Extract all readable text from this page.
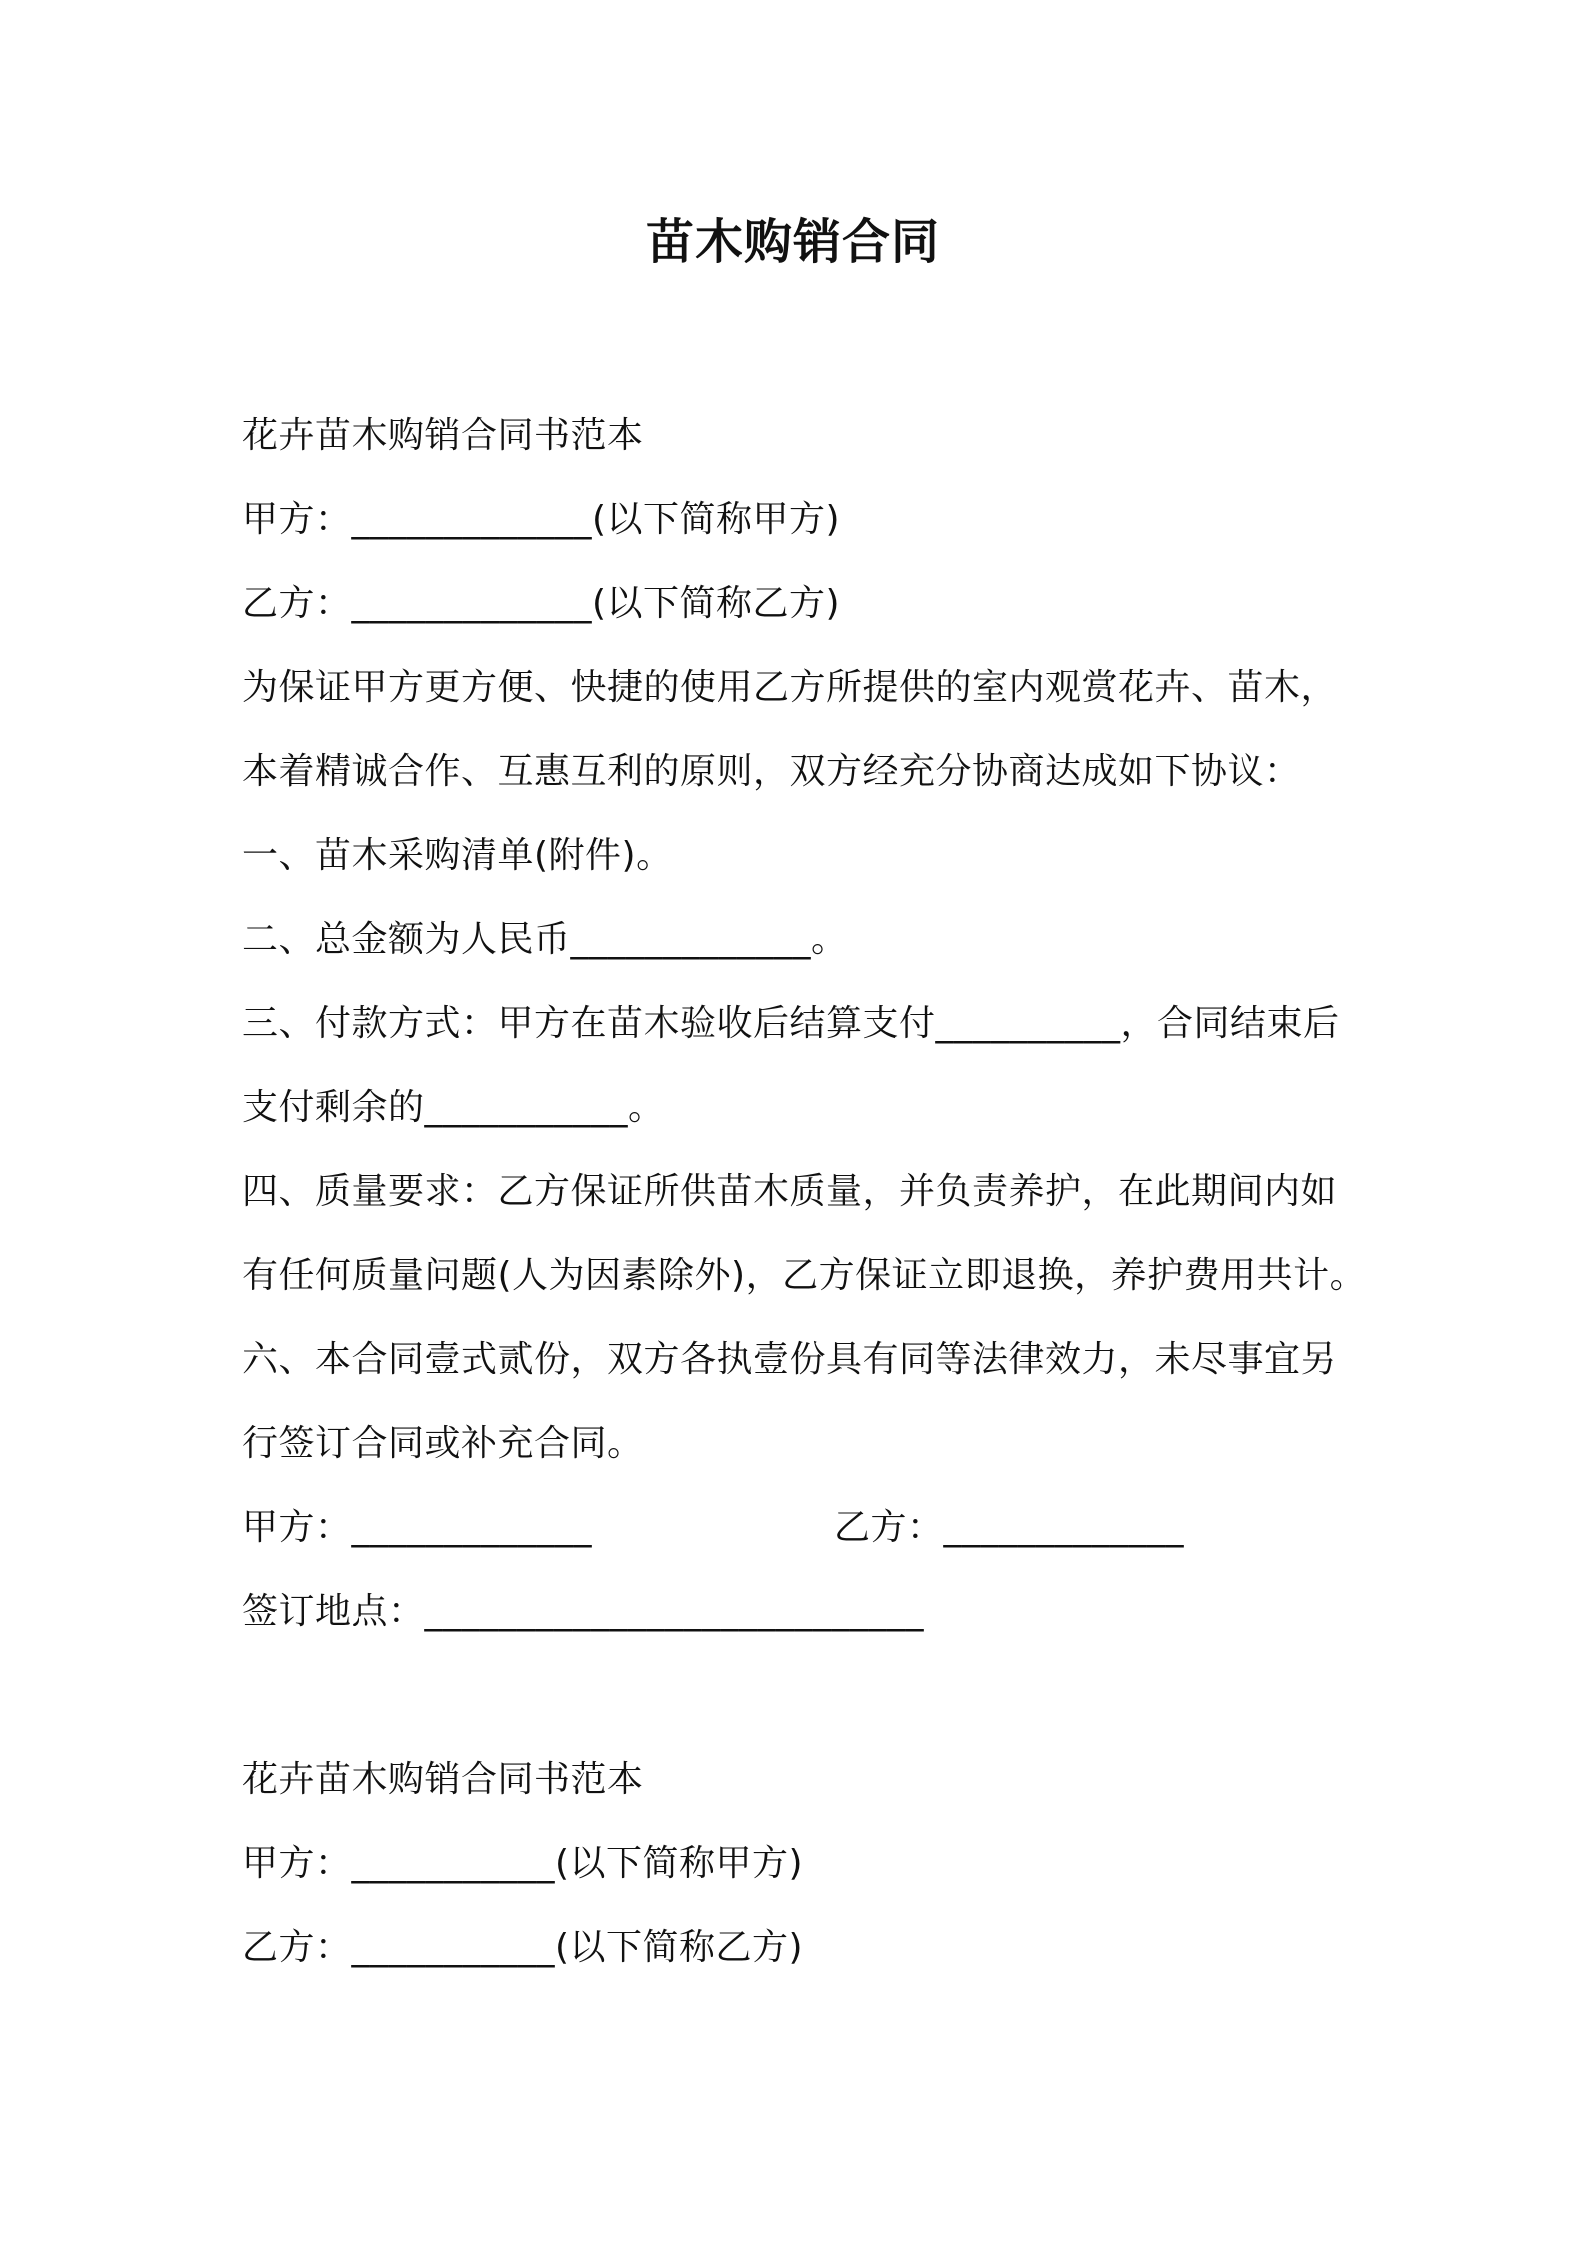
苗木购销合同
花卉苗木购销合同书范本
甲方：_____________(以下简称甲方)
乙方：_____________(以下简称乙方)
为保证甲方更方便、快捷的使用乙方所提供的室内观赏花卉、苗木，
本着精诚合作、互惠互利的原则，双方经充分协商达成如下协议：
一、苗木采购清单(附件)。
二、总金额为人民币_____________。
三、付款方式：甲方在苗木验收后结算支付__________，合同结束后
支付剩余的___________。
四、质量要求：乙方保证所供苗木质量，并负责养护，在此期间内如
有任何质量问题(人为因素除外)，乙方保证立即退换，养护费用共计。
六、本合同壹式贰份，双方各执壹份具有同等法律效力，未尽事宜另
行签订合同或补充合同。
甲方：_____________	乙方：_____________
签订地点：___________________________
花卉苗木购销合同书范本
甲方：___________(以下简称甲方)
乙方：___________(以下简称乙方)
